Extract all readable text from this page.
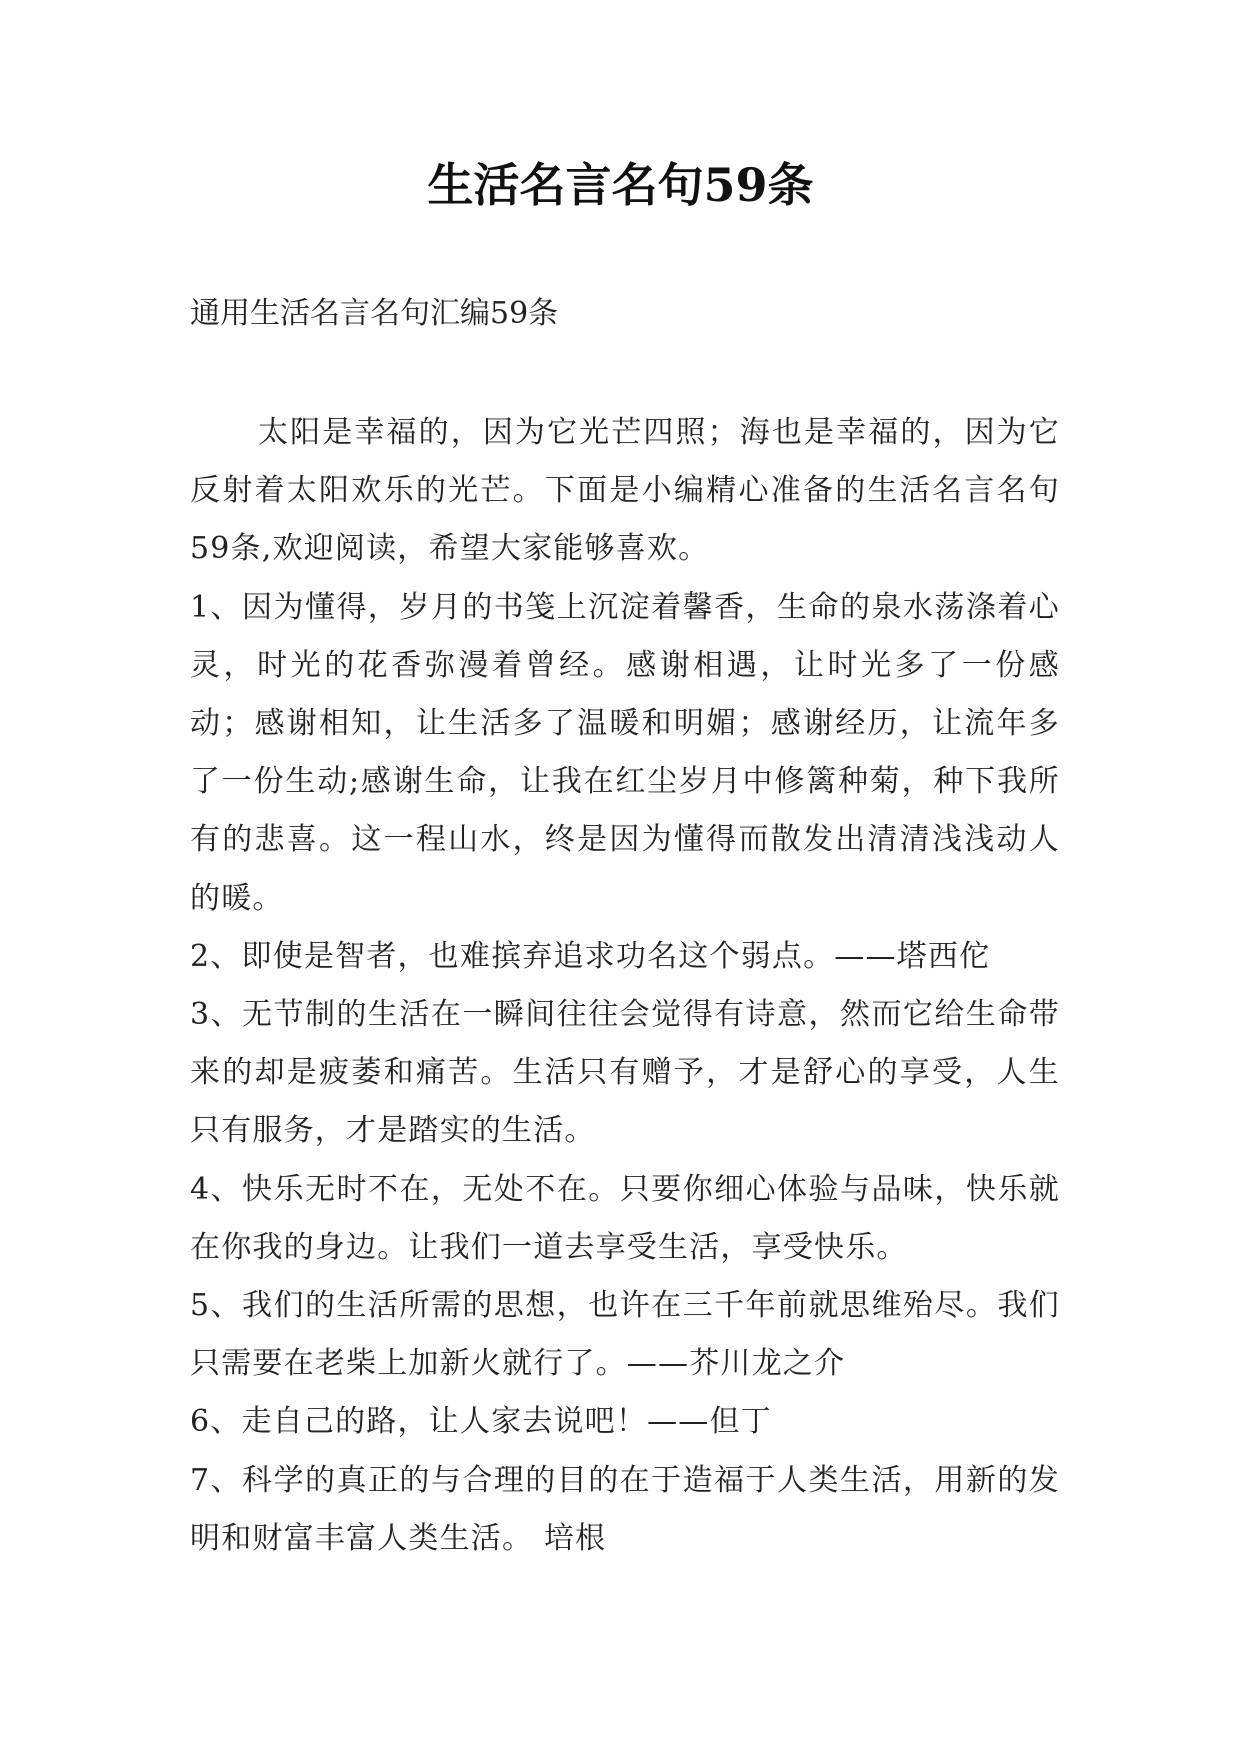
生活名言名句59条

通用生活名言名句汇编59条

太阳是幸福的，因为它光芒四照；海也是幸福的，因为它反射着太阳欢乐的光芒。下面是小编精心准备的生活名言名句59条,欢迎阅读，希望大家能够喜欢。

1、因为懂得，岁月的书笺上沉淀着馨香，生命的泉水荡涤着心灵，时光的花香弥漫着曾经。感谢相遇，让时光多了一份感动；感谢相知，让生活多了温暖和明媚；感谢经历，让流年多了一份生动;感谢生命，让我在红尘岁月中修篱种菊，种下我所有的悲喜。这一程山水，终是因为懂得而散发出清清浅浅动人的暖。

2、即使是智者，也难摈弃追求功名这个弱点。——塔西佗

3、无节制的生活在一瞬间往往会觉得有诗意，然而它给生命带来的却是疲萎和痛苦。生活只有赠予，才是舒心的享受，人生只有服务，才是踏实的生活。

4、快乐无时不在，无处不在。只要你细心体验与品味，快乐就在你我的身边。让我们一道去享受生活，享受快乐。

5、我们的生活所需的思想，也许在三千年前就思维殆尽。我们只需要在老柴上加新火就行了。——芥川龙之介

6、走自己的路，让人家去说吧！——但丁

7、科学的真正的与合理的目的在于造福于人类生活，用新的发明和财富丰富人类生活。 培根
